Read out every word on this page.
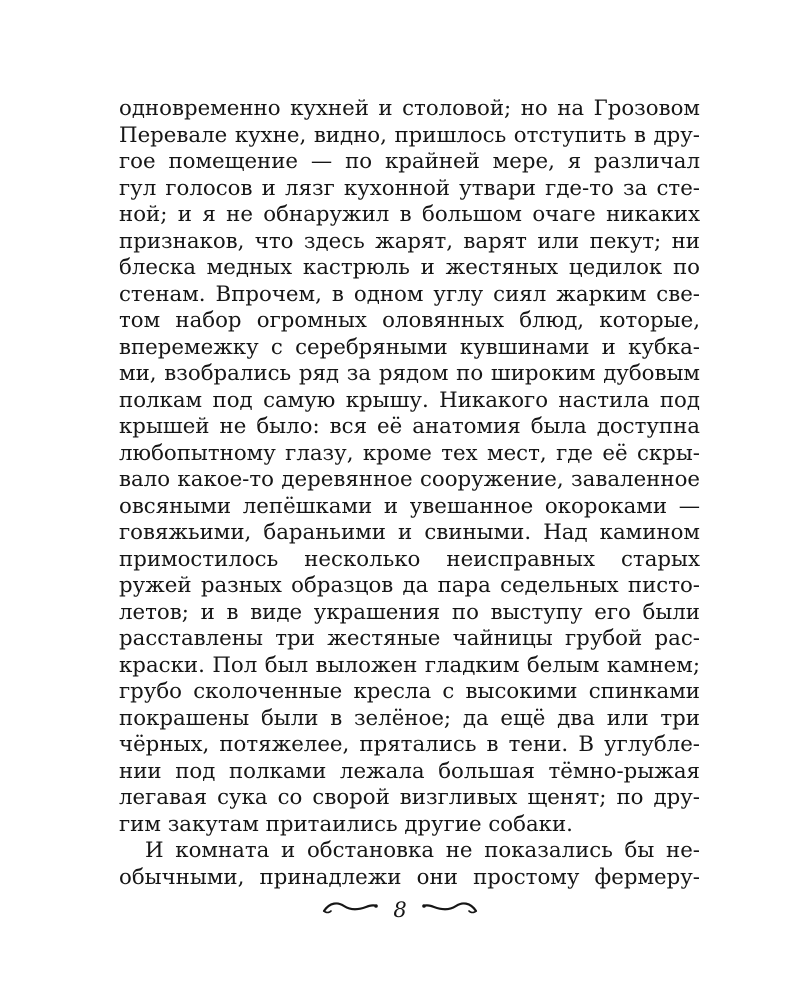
одновременно кухней и столовой; но на Грозовом
Перевале кухне, видно, пришлось отступить в дру-
гое помещение — по крайней мере, я различал
гул голосов и лязг кухонной утвари где-то за сте-
ной; и я не обнаружил в большом очаге никаких
признаков, что здесь жарят, варят или пекут; ни
блеска медных кастрюль и жестяных цедилок по
стенам. Впрочем, в одном углу сиял жарким све-
том набор огромных оловянных блюд, которые,
вперемежку с серебряными кувшинами и кубка-
ми, взобрались ряд за рядом по широким дубовым
полкам под самую крышу. Никакого настила под
крышей не было: вся её анатомия была доступна
любопытному глазу, кроме тех мест, где её скры-
вало какое-то деревянное сооружение, заваленное
овсяными лепёшками и увешанное окороками —
говяжьими, бараньими и свиными. Над камином
примостилось несколько неисправных старых
ружей разных образцов да пара седельных писто-
летов; и в виде украшения по выступу его были
расставлены три жестяные чайницы грубой рас-
краски. Пол был выложен гладким белым камнем;
грубо сколоченные кресла с высокими спинками
покрашены были в зелёное; да ещё два или три
чёрных, потяжелее, прятались в тени. В углубле-
нии под полками лежала большая тёмно-рыжая
легавая сука со сворой визгливых щенят; по дру-
гим закутам притаились другие собаки.
И комната и обстановка не показались бы не-
обычными, принадлежи они простому фермеру-
8
